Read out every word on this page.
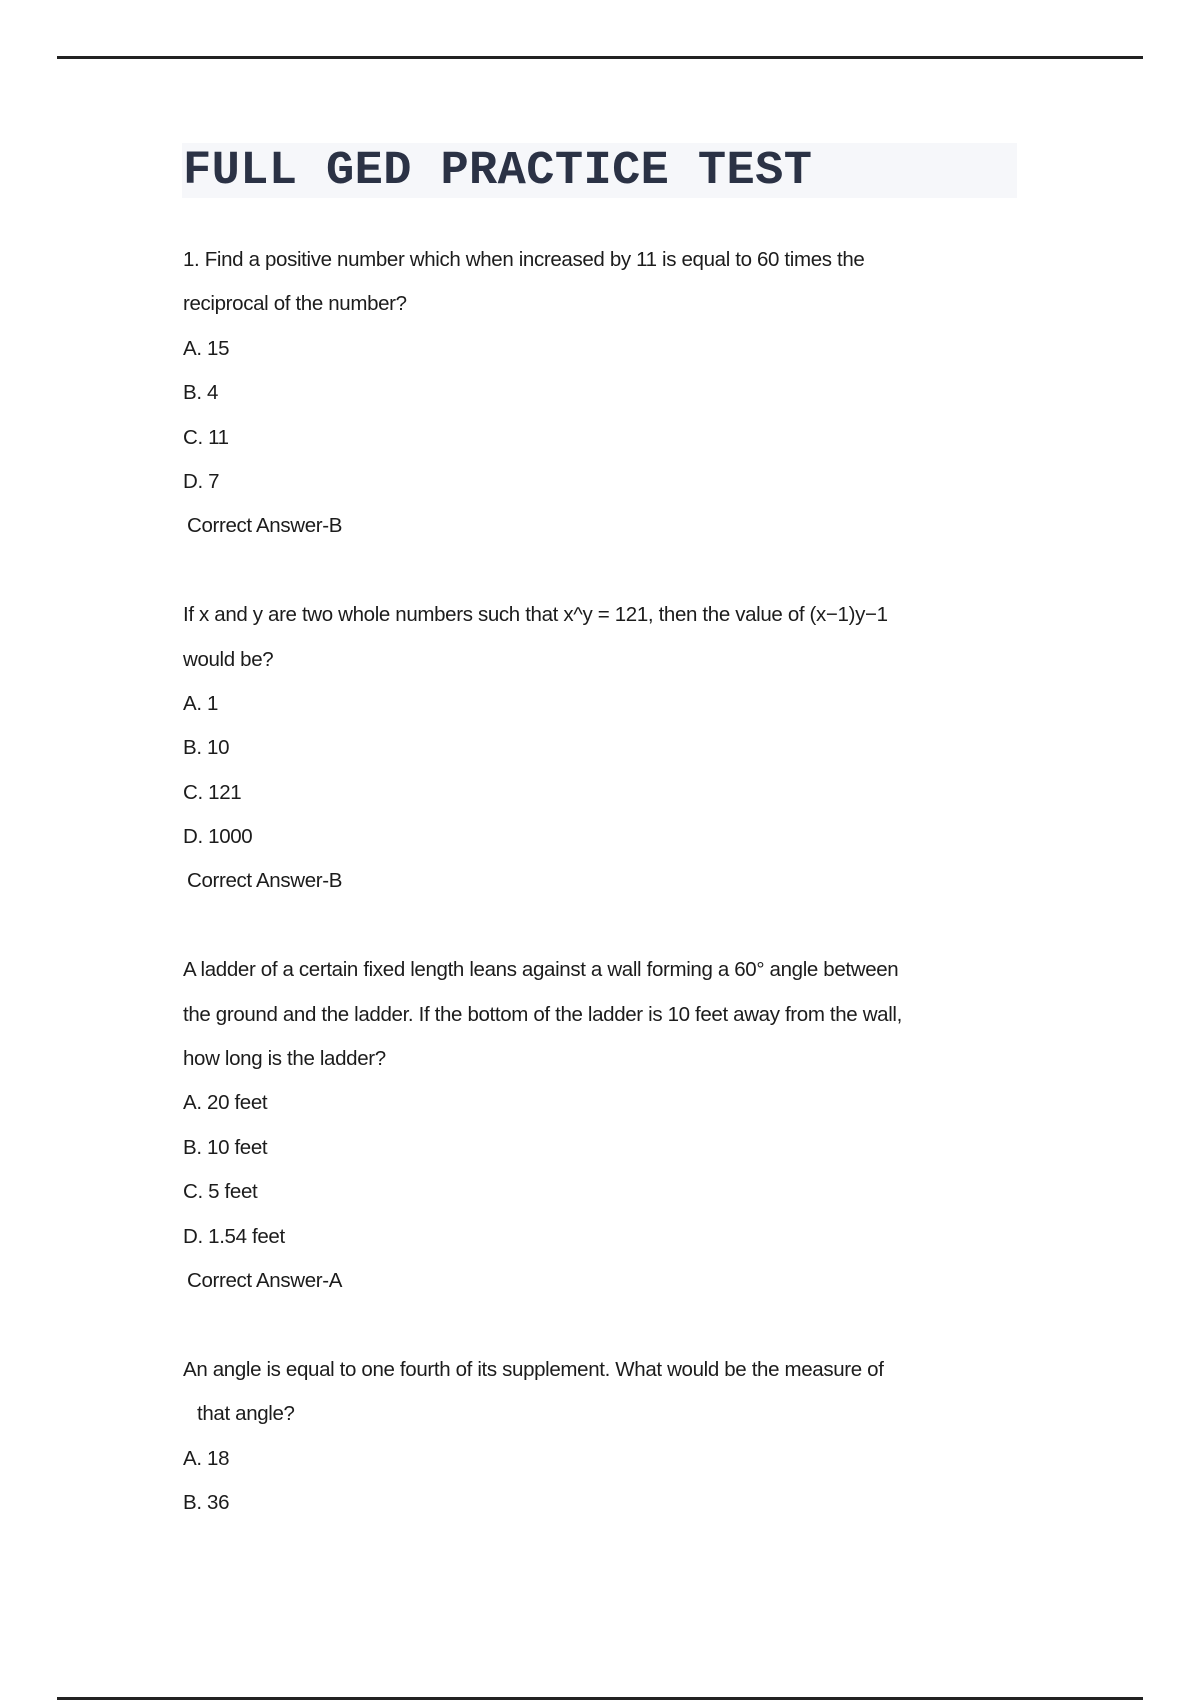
FULL GED PRACTICE TEST
1. Find a positive number which when increased by 11 is equal to 60 times the
reciprocal of the number?
A. 15
B. 4
C. 11
D. 7
Correct Answer-B
If x and y are two whole numbers such that x^y = 121, then the value of (x−1)y−1
would be?
A. 1
B. 10
C. 121
D. 1000
Correct Answer-B
A ladder of a certain fixed length leans against a wall forming a 60° angle between
the ground and the ladder. If the bottom of the ladder is 10 feet away from the wall,
how long is the ladder?
A. 20 feet
B. 10 feet
C. 5 feet
D. 1.54 feet
Correct Answer-A
An angle is equal to one fourth of its supplement. What would be the measure of
that angle?
A. 18
B. 36
